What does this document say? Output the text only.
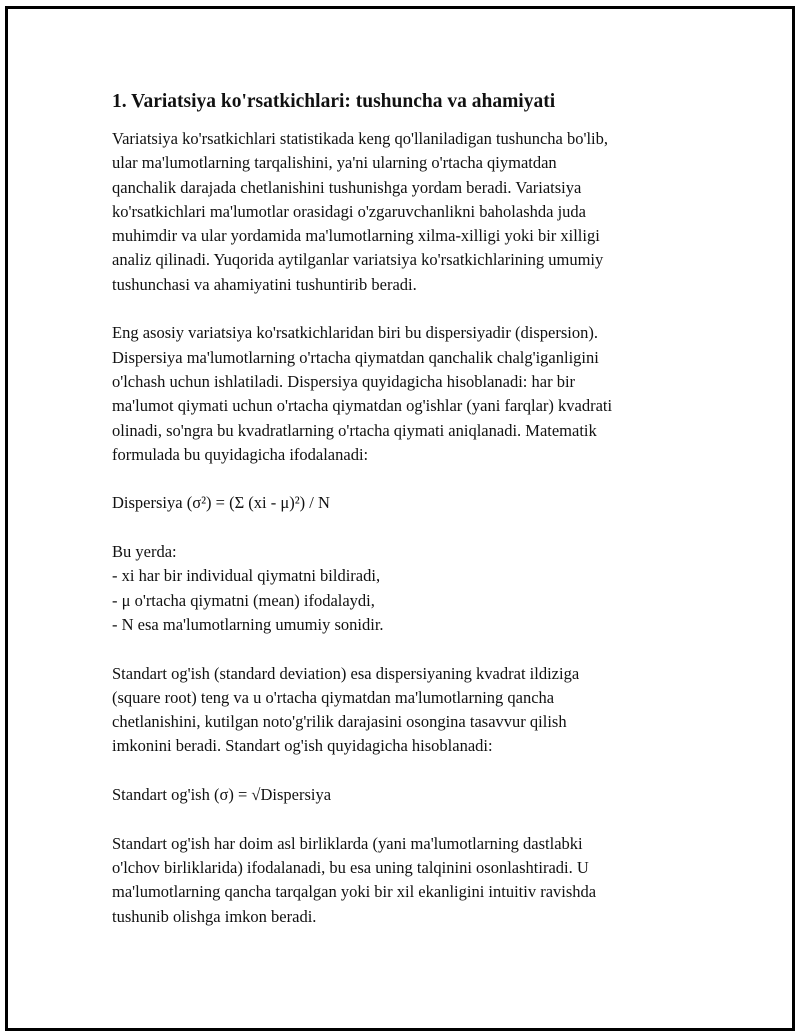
1. Variatsiya ko'rsatkichlari: tushuncha va ahamiyati

Variatsiya ko'rsatkichlari statistikada keng qo'llaniladigan tushuncha bo'lib,
ular ma'lumotlarning tarqalishini, ya'ni ularning o'rtacha qiymatdan
qanchalik darajada chetlanishini tushunishga yordam beradi. Variatsiya
ko'rsatkichlari ma'lumotlar orasidagi o'zgaruvchanlikni baholashda juda
muhimdir va ular yordamida ma'lumotlarning xilma-xilligi yoki bir xilligi
analiz qilinadi. Yuqorida aytilganlar variatsiya ko'rsatkichlarining umumiy
tushunchasi va ahamiyatini tushuntirib beradi.

Eng asosiy variatsiya ko'rsatkichlaridan biri bu dispersiyadir (dispersion).
Dispersiya ma'lumotlarning o'rtacha qiymatdan qanchalik chalg'iganligini
o'lchash uchun ishlatiladi. Dispersiya quyidagicha hisoblanadi: har bir
ma'lumot qiymati uchun o'rtacha qiymatdan og'ishlar (yani farqlar) kvadrati
olinadi, so'ngra bu kvadratlarning o'rtacha qiymati aniqlanadi. Matematik
formulada bu quyidagicha ifodalanadi:

Dispersiya (σ²) = (Σ (xi - μ)²) / N

Bu yerda:
- xi har bir individual qiymatni bildiradi,
- μ o'rtacha qiymatni (mean) ifodalaydi,
- N esa ma'lumotlarning umumiy sonidir.

Standart og'ish (standard deviation) esa dispersiyaning kvadrat ildiziga
(square root) teng va u o'rtacha qiymatdan ma'lumotlarning qancha
chetlanishini, kutilgan noto'g'rilik darajasini osongina tasavvur qilish
imkonini beradi. Standart og'ish quyidagicha hisoblanadi:

Standart og'ish (σ) = √Dispersiya

Standart og'ish har doim asl birliklarda (yani ma'lumotlarning dastlabki
o'lchov birliklarida) ifodalanadi, bu esa uning talqinini osonlashtiradi. U
ma'lumotlarning qancha tarqalgan yoki bir xil ekanligini intuitiv ravishda
tushunib olishga imkon beradi.
